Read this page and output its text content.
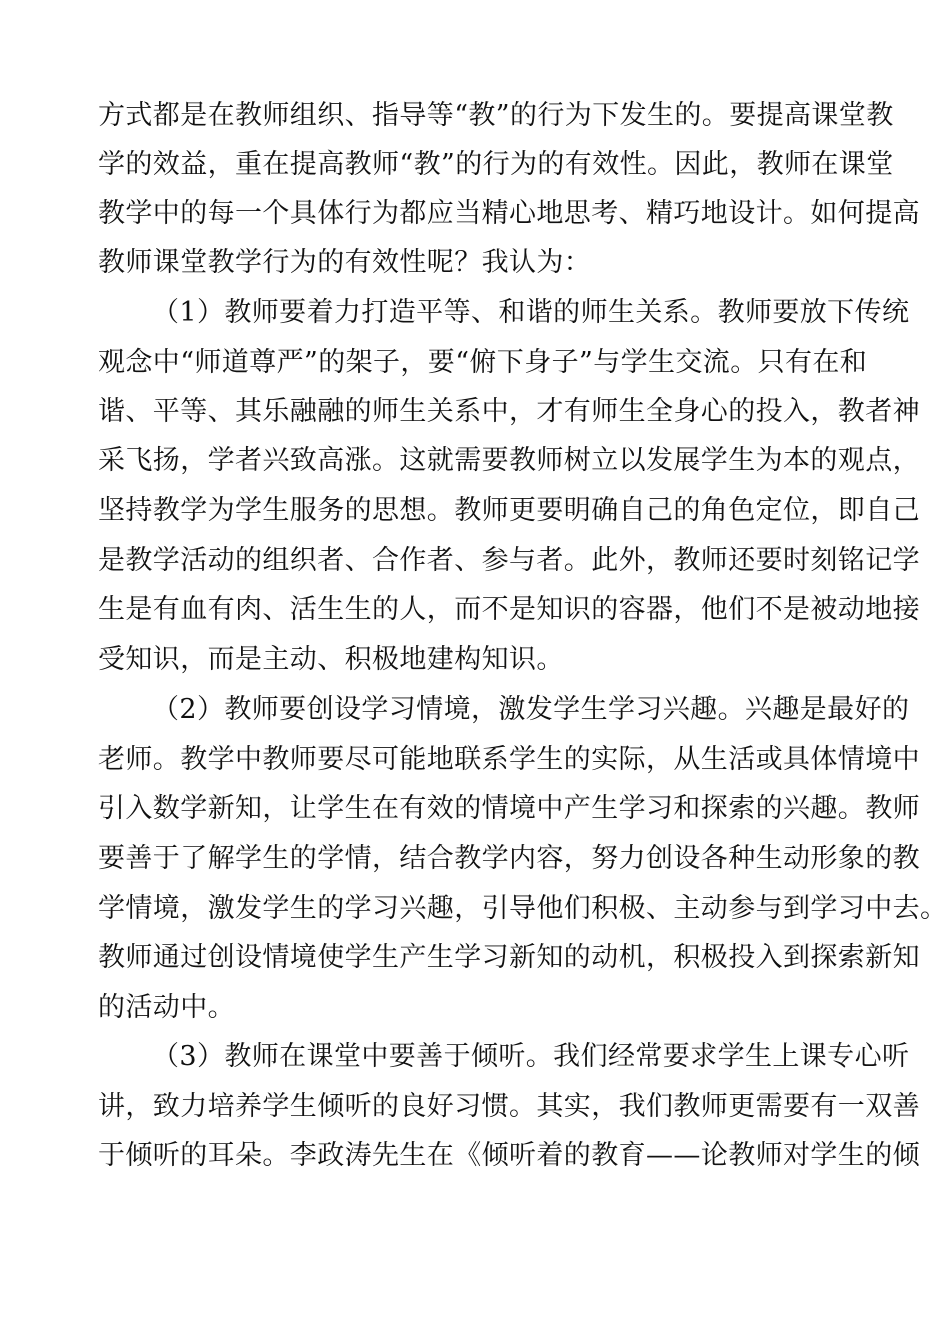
方式都是在教师组织、指导等“教”的行为下发生的。要提高课堂教
学的效益，重在提高教师“教”的行为的有效性。因此，教师在课堂
教学中的每一个具体行为都应当精心地思考、精巧地设计。如何提高
教师课堂教学行为的有效性呢？我认为：
（1）教师要着力打造平等、和谐的师生关系。教师要放下传统
观念中“师道尊严”的架子，要“俯下身子”与学生交流。只有在和
谐、平等、其乐融融的师生关系中，才有师生全身心的投入，教者神
采飞扬，学者兴致高涨。这就需要教师树立以发展学生为本的观点，
坚持教学为学生服务的思想。教师更要明确自己的角色定位，即自己
是教学活动的组织者、合作者、参与者。此外，教师还要时刻铭记学
生是有血有肉、活生生的人，而不是知识的容器，他们不是被动地接
受知识，而是主动、积极地建构知识。
（2）教师要创设学习情境，激发学生学习兴趣。兴趣是最好的
老师。教学中教师要尽可能地联系学生的实际，从生活或具体情境中
引入数学新知，让学生在有效的情境中产生学习和探索的兴趣。教师
要善于了解学生的学情，结合教学内容，努力创设各种生动形象的教
学情境，激发学生的学习兴趣，引导他们积极、主动参与到学习中去。
教师通过创设情境使学生产生学习新知的动机，积极投入到探索新知
的活动中。
（3）教师在课堂中要善于倾听。我们经常要求学生上课专心听
讲，致力培养学生倾听的良好习惯。其实，我们教师更需要有一双善
于倾听的耳朵。李政涛先生在《倾听着的教育——论教师对学生的倾
